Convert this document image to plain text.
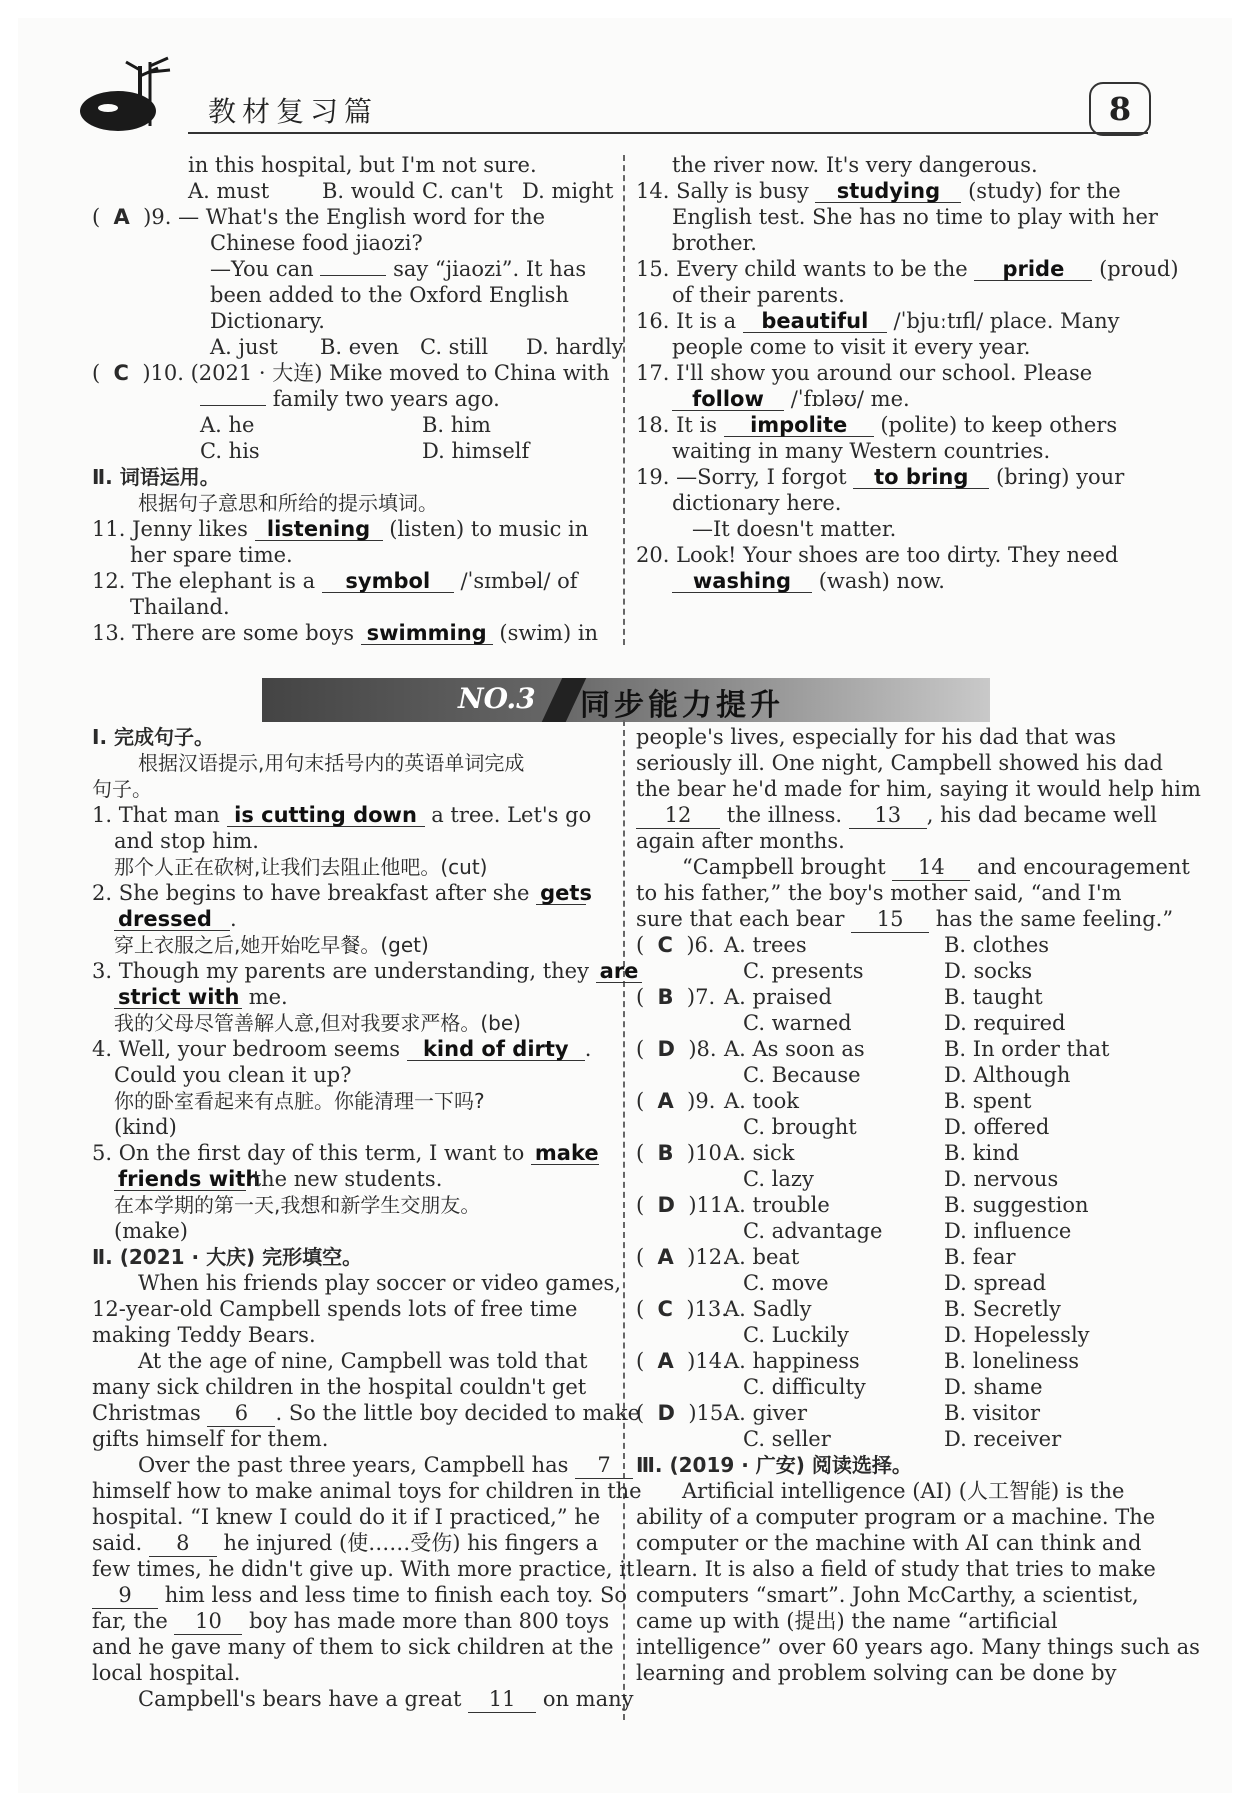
教材复习篇	8
in this hospital, but I'm not sure.
A. must	B. would C. can't D. might
(  A )9. — What's the English word for the
Chinese food jiaozi?
—You can	say “jiaozi”. It has
been added to the Oxford English
Dictionary.
A. just B. even C. still D. hardly
(  C )10. (2021 · 大连) Mike moved to China with
family two years ago.
A. he	B. him
C. his	D. himself
Ⅱ. 词语运用。
根据句子意思和所给的提示填词。
11. Jenny likes listening (listen) to music in
her spare time.
12. The elephant is a symbol /ˈsɪmbəl/ of
Thailand.
13. There are some boys swimming (swim) in
the river now. It's very dangerous.
14. Sally is busy studying (study) for the
English test. She has no time to play with her
brother.
15. Every child wants to be the pride (proud)
of their parents.
16. It is a beautiful /ˈbjuːtɪfl/ place. Many
people come to visit it every year.
17. I'll show you around our school. Please
follow /ˈfɒləʊ/ me.
18. It is impolite (polite) to keep others
waiting in many Western countries.
19. —Sorry, I forgot to bring (bring) your
dictionary here.
—It doesn't matter.
20. Look! Your shoes are too dirty. They need
washing (wash) now.
NO.3 同步能力提升
Ⅰ. 完成句子。
根据汉语提示,用句末括号内的英语单词完成
句子。
1. That man is cutting down a tree. Let's go
and stop him.
那个人正在砍树,让我们去阻止他吧。(cut)
2. She begins to have breakfast after she gets
dressed .
穿上衣服之后,她开始吃早餐。(get)
3. Though my parents are understanding, they are
strict with me.
我的父母尽管善解人意,但对我要求严格。(be)
4. Well, your bedroom seems kind of dirty .
Could you clean it up?
你的卧室看起来有点脏。你能清理一下吗?
(kind)
5. On the first day of this term, I want to make
friends with the new students.
在本学期的第一天,我想和新学生交朋友。
(make)
Ⅱ. (2021 · 大庆) 完形填空。
When his friends play soccer or video games,
12-year-old Campbell spends lots of free time
making Teddy Bears.
At the age of nine, Campbell was told that
many sick children in the hospital couldn't get
Christmas 6 . So the little boy decided to make
gifts himself for them.
Over the past three years, Campbell has 7
himself how to make animal toys for children in the
hospital. “I knew I could do it if I practiced,” he
said. 8 he injured (使……受伤) his fingers a
few times, he didn't give up. With more practice, it
9 him less and less time to finish each toy. So
far, the 10 boy has made more than 800 toys
and he gave many of them to sick children at the
local hospital.
Campbell's bears have a great 11 on many
people's lives, especially for his dad that was
seriously ill. One night, Campbell showed his dad
the bear he'd made for him, saying it would help him
12 the illness. 13 , his dad became well
again after months.
“Campbell brought 14 and encouragement
to his father,” the boy's mother said, “and I'm
sure that each bear 15 has the same feeling.”
(  C )6. A. trees	B. clothes
C. presents	D. socks
(  B )7. A. praised	B. taught
C. warned	D. required
(  D )8. A. As soon as	B. In order that
C. Because	D. Although
(  A )9. A. took	B. spent
C. brought	D. offered
(  B )10.
A. sick	B. kind
C. lazy	D. nervous
(  D )11.
A. trouble	B. suggestion
C. advantage	D. influence
(  A )12.
A. beat	B. fear
C. move	D. spread
(  C )13.
A. Sadly	B. Secretly
C. Luckily	D. Hopelessly
(  A )14.
A. happiness	B. loneliness
C. difficulty	D. shame
(  D )15.
A. giver	B. visitor
C. seller	D. receiver
Ⅲ. (2019 · 广安) 阅读选择。
Artificial intelligence (AI) (人工智能) is the
ability of a computer program or a machine. The
computer or the machine with AI can think and
learn. It is also a field of study that tries to make
computers “smart”. John McCarthy, a scientist,
came up with (提出) the name “artificial
intelligence” over 60 years ago. Many things such as
learning and problem solving can be done by
